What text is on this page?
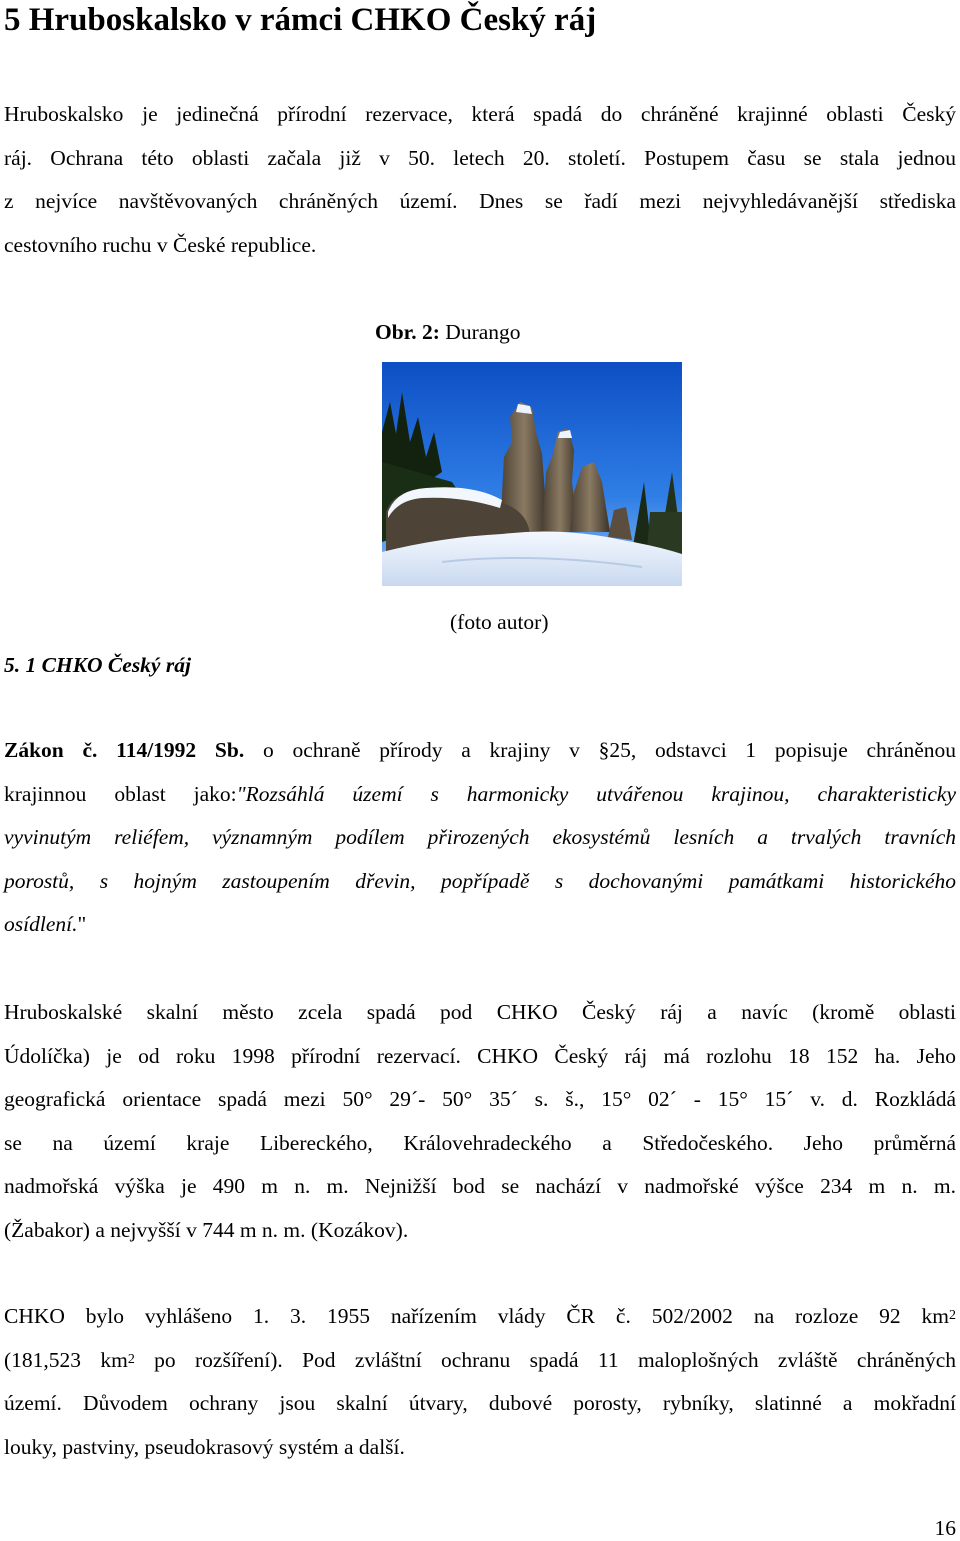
5 Hruboskalsko v rámci CHKO Český ráj
Hruboskalsko je jedinečná přírodní rezervace, která spadá do chráněné krajinné oblasti Český
ráj. Ochrana této oblasti začala již v 50. letech 20. století. Postupem času se stala jednou
z nejvíce navštěvovaných chráněných území. Dnes se řadí mezi nejvyhledávanější střediska
cestovního ruchu v České republice.

Obr. 2: Durango

(foto autor)

5. 1 CHKO Český ráj
Zákon č. 114/1992 Sb. o ochraně přírody a krajiny v §25, odstavci 1 popisuje chráněnou
krajinnou oblast jako:"Rozsáhlá území s harmonicky utvářenou krajinou, charakteristicky
vyvinutým reliéfem, významným podílem přirozených ekosystémů lesních a trvalých travních
porostů, s hojným zastoupením dřevin, popřípadě s dochovanými památkami historického
osídlení."
Hruboskalské skalní město zcela spadá pod CHKO Český ráj a navíc (kromě oblasti
Údolíčka) je od roku 1998 přírodní rezervací. CHKO Český ráj má rozlohu 18 152 ha. Jeho
geografická orientace spadá mezi 50° 29´- 50° 35´ s. š., 15° 02´ - 15° 15´ v. d. Rozkládá
se na území kraje Libereckého, Královehradeckého a Středočeského. Jeho průměrná
nadmořská výška je 490 m n. m. Nejnižší bod se nachází v nadmořské výšce 234 m n. m.
(Žabakor) a nejvyšší v 744 m n. m. (Kozákov).
CHKO bylo vyhlášeno 1. 3. 1955 nařízením vlády ČR č. 502/2002 na rozloze 92 $km^2$
(181,523 $km^2$ po rozšíření). Pod zvláštní ochranu spadá 11 maloplošných zvláště chráněných
území. Důvodem ochrany jsou skalní útvary, dubové porosty, rybníky, slatinné a mokřadní
louky, pastviny, pseudokrasový systém a další.

16
